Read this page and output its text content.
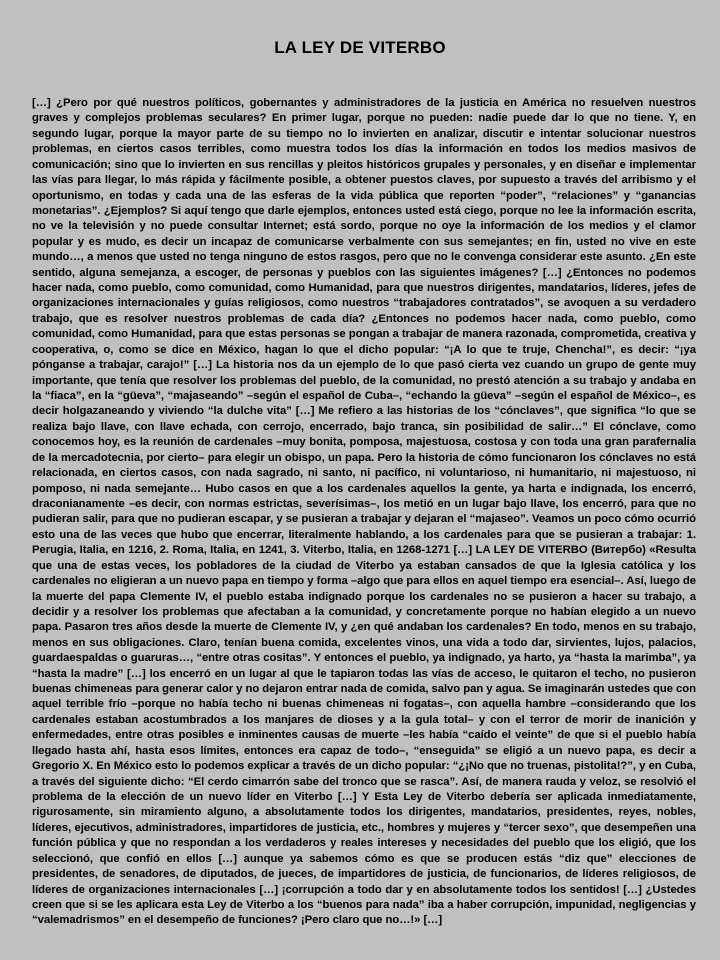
LA LEY DE VITERBO

[…] ¿Pero por qué nuestros políticos, gobernantes y administradores de la justicia en América no resuelven nuestros graves y complejos problemas seculares? En primer lugar, porque no pueden: nadie puede dar lo que no tiene. Y, en segundo lugar, porque la mayor parte de su tiempo no lo invierten en analizar, discutir e intentar solucionar nuestros problemas, en ciertos casos terribles, como muestra todos los días la información en todos los medios masivos de comunicación; sino que lo invierten en sus rencillas y pleitos históricos grupales y personales, y en diseñar e implementar las vías para llegar, lo más rápida y fácilmente posible, a obtener puestos claves, por supuesto a través del arribismo y el oportunismo, en todas y cada una de las esferas de la vida pública que reporten “poder”, “relaciones” y “ganancias monetarias”. ¿Ejemplos? Si aquí tengo que darle ejemplos, entonces usted está ciego, porque no lee la información escrita, no ve la televisión y no puede consultar Internet; está sordo, porque no oye la información de los medios y el clamor popular y es mudo, es decir un incapaz de comunicarse verbalmente con sus semejantes; en fin, usted no vive en este mundo…, a menos que usted no tenga ninguno de estos rasgos, pero que no le convenga considerar este asunto. ¿En este sentido, alguna semejanza, a escoger, de personas y pueblos con las siguientes imágenes? […] ¿Entonces no podemos hacer nada, como pueblo, como comunidad, como Humanidad, para que nuestros dirigentes, mandatarios, líderes, jefes de organizaciones internacionales y guías religiosos, como nuestros “trabajadores contratados”, se avoquen a su verdadero trabajo, que es resolver nuestros problemas de cada día? ¿Entonces no podemos hacer nada, como pueblo, como comunidad, como Humanidad, para que estas personas se pongan a trabajar de manera razonada, comprometida, creativa y cooperativa, o, como se dice en México, hagan lo que el dicho popular: “¡A lo que te truje, Chencha!”, es decir: “¡ya pónganse a trabajar, carajo!” […] La historia nos da un ejemplo de lo que pasó cierta vez cuando un grupo de gente muy importante, que tenía que resolver los problemas del pueblo, de la comunidad, no prestó atención a su trabajo y andaba en la “fiaca”, en la “güeva”, “majaseando” –según el español de Cuba–, “echando la güeva” –según el español de México–, es decir holgazaneando y viviendo “la dulche vita” […] Me refiero a las historias de los “cónclaves”, que significa “lo que se realiza bajo llave, con llave echada, con cerrojo, encerrado, bajo tranca, sin posibilidad de salir…” El cónclave, como conocemos hoy, es la reunión de cardenales –muy bonita, pomposa, majestuosa, costosa y con toda una gran parafernalia de la mercadotecnia, por cierto– para elegir un obispo, un papa. Pero la historia de cómo funcionaron los cónclaves no está relacionada, en ciertos casos, con nada sagrado, ni santo, ni pacífico, ni voluntarioso, ni humanitario, ni majestuoso, ni pomposo, ni nada semejante… Hubo casos en que a los cardenales aquellos la gente, ya harta e indignada, los encerró, draconianamente –es decir, con normas estrictas, severísimas–, los metió en un lugar bajo llave, los encerró, para que no pudieran salir, para que no pudieran escapar, y se pusieran a trabajar y dejaran el “majaseo”. Veamos un poco cómo ocurrió esto una de las veces que hubo que encerrar, literalmente hablando, a los cardenales para que se pusieran a trabajar: 1. Perugia, Italia, en 1216, 2. Roma, Italia, en 1241, 3. Viterbo, Italia, en 1268-1271 […] LA LEY DE VITERBO (Витербо) «Resulta que una de estas veces, los pobladores de la ciudad de Viterbo ya estaban cansados de que la Iglesia católica y los cardenales no eligieran a un nuevo papa en tiempo y forma –algo que para ellos en aquel tiempo era esencial–. Así, luego de la muerte del papa Clemente IV, el pueblo estaba indignado porque los cardenales no se pusieron a hacer su trabajo, a decidir y a resolver los problemas que afectaban a la comunidad, y concretamente porque no habían elegido a un nuevo papa. Pasaron tres años desde la muerte de Clemente IV, y ¿en qué andaban los cardenales? En todo, menos en su trabajo, menos en sus obligaciones. Claro, tenían buena comida, excelentes vinos, una vida a todo dar, sirvientes, lujos, palacios, guardaespaldas o guaruras…, “entre otras cositas”. Y entonces el pueblo, ya indignado, ya harto, ya “hasta la marimba”, ya “hasta la madre” […] los encerró en un lugar al que le tapiaron todas las vías de acceso, le quitaron el techo, no pusieron buenas chimeneas para generar calor y no dejaron entrar nada de comida, salvo pan y agua. Se imaginarán ustedes que con aquel terrible frío –porque no había techo ni buenas chimeneas ni fogatas–, con aquella hambre –considerando que los cardenales estaban acostumbrados a los manjares de dioses y a la gula total– y con el terror de morir de inanición y enfermedades, entre otras posibles e inminentes causas de muerte –les había “caído el veinte” de que si el pueblo había llegado hasta ahí, hasta esos límites, entonces era capaz de todo–, “enseguida” se eligió a un nuevo papa, es decir a Gregorio X. En México esto lo podemos explicar a través de un dicho popular: “¿¡No que no truenas, pistolita!?”, y en Cuba, a través del siguiente dicho: “El cerdo cimarrón sabe del tronco que se rasca”. Así, de manera rauda y veloz, se resolvió el problema de la elección de un nuevo líder en Viterbo […] Y Esta Ley de Viterbo debería ser aplicada inmediatamente, rigurosamente, sin miramiento alguno, a absolutamente todos los dirigentes, mandatarios, presidentes, reyes, nobles, líderes, ejecutivos, administradores, impartidores de justicia, etc., hombres y mujeres y “tercer sexo”, que desempeñen una función pública y que no respondan a los verdaderos y reales intereses y necesidades del pueblo que los eligió, que los seleccionó, que confió en ellos […] aunque ya sabemos cómo es que se producen estás “diz que” elecciones de presidentes, de senadores, de diputados, de jueces, de impartidores de justicia, de funcionarios, de líderes religiosos, de líderes de organizaciones internacionales […] ¡corrupción a todo dar y en absolutamente todos los sentidos! […] ¿Ustedes creen que si se les aplicara esta Ley de Viterbo a los “buenos para nada” iba a haber corrupción, impunidad, negligencias y “valemadrismos” en el desempeño de funciones? ¡Pero claro que no…!» […]
